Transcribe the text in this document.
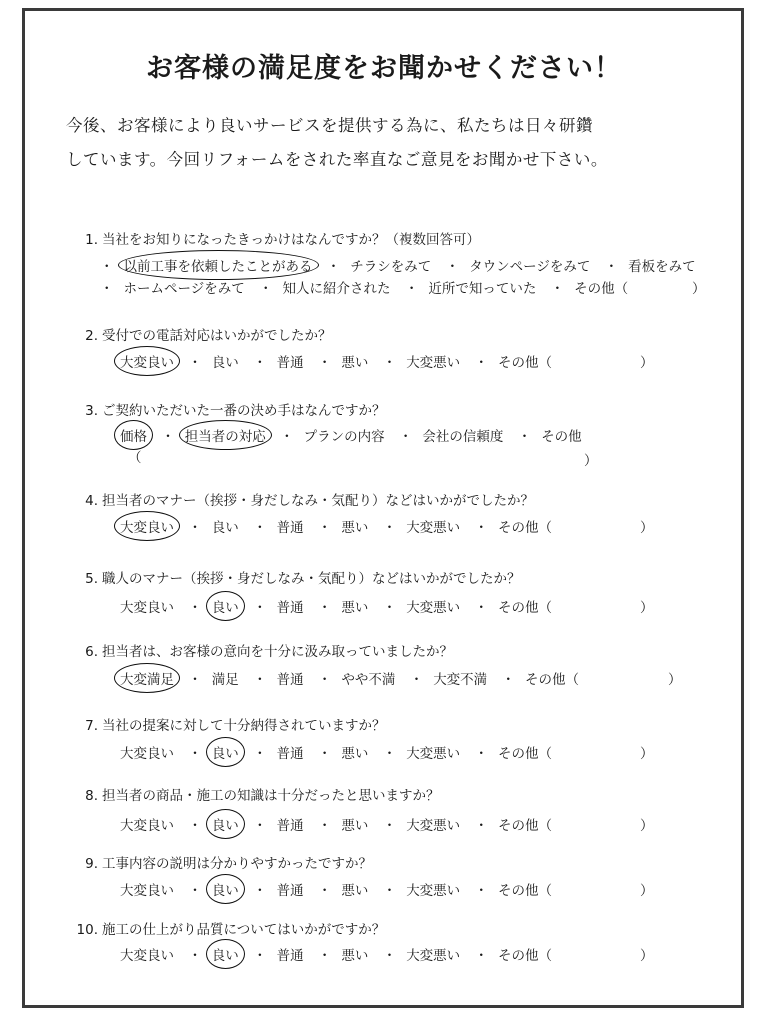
お客様の満足度をお聞かせください！
今後、お客様により良いサービスを提供する為に、私たちは日々研鑽
しています。今回リフォームをされた率直なご意見をお聞かせ下さい。
1. 当社をお知りになったきっかけはなんですか？（複数回答可）
・ 以前工事を依頼したことがある ・ チラシをみて ・ タウンページをみて ・ 看板をみて
・ ホームページをみて ・ 知人に紹介された ・ 近所で知っていた ・ その他（	）
2. 受付での電話対応はいかがでしたか？
大変良い ・ 良い ・ 普通 ・ 悪い ・ 大変悪い ・ その他（	）
3. ご契約いただいた一番の決め手はなんですか？
価格 ・ 担当者の対応 ・ プランの内容 ・ 会社の信頼度 ・ その他
（	）
4. 担当者のマナー（挨拶・身だしなみ・気配り）などはいかがでしたか？
大変良い ・ 良い ・ 普通 ・ 悪い ・ 大変悪い ・ その他（	）
5. 職人のマナー（挨拶・身だしなみ・気配り）などはいかがでしたか？
大変良い ・ 良い ・ 普通 ・ 悪い ・ 大変悪い ・ その他（	）
6. 担当者は、お客様の意向を十分に汲み取っていましたか？
大変満足 ・ 満足 ・ 普通 ・ やや不満 ・ 大変不満 ・ その他（	）
7. 当社の提案に対して十分納得されていますか？
大変良い ・ 良い ・ 普通 ・ 悪い ・ 大変悪い ・ その他（	）
8. 担当者の商品・施工の知識は十分だったと思いますか？
大変良い ・ 良い ・ 普通 ・ 悪い ・ 大変悪い ・ その他（	）
9. 工事内容の説明は分かりやすかったですか？
大変良い ・ 良い ・ 普通 ・ 悪い ・ 大変悪い ・ その他（	）
10. 施工の仕上がり品質についてはいかがですか？
大変良い ・ 良い ・ 普通 ・ 悪い ・ 大変悪い ・ その他（	）
